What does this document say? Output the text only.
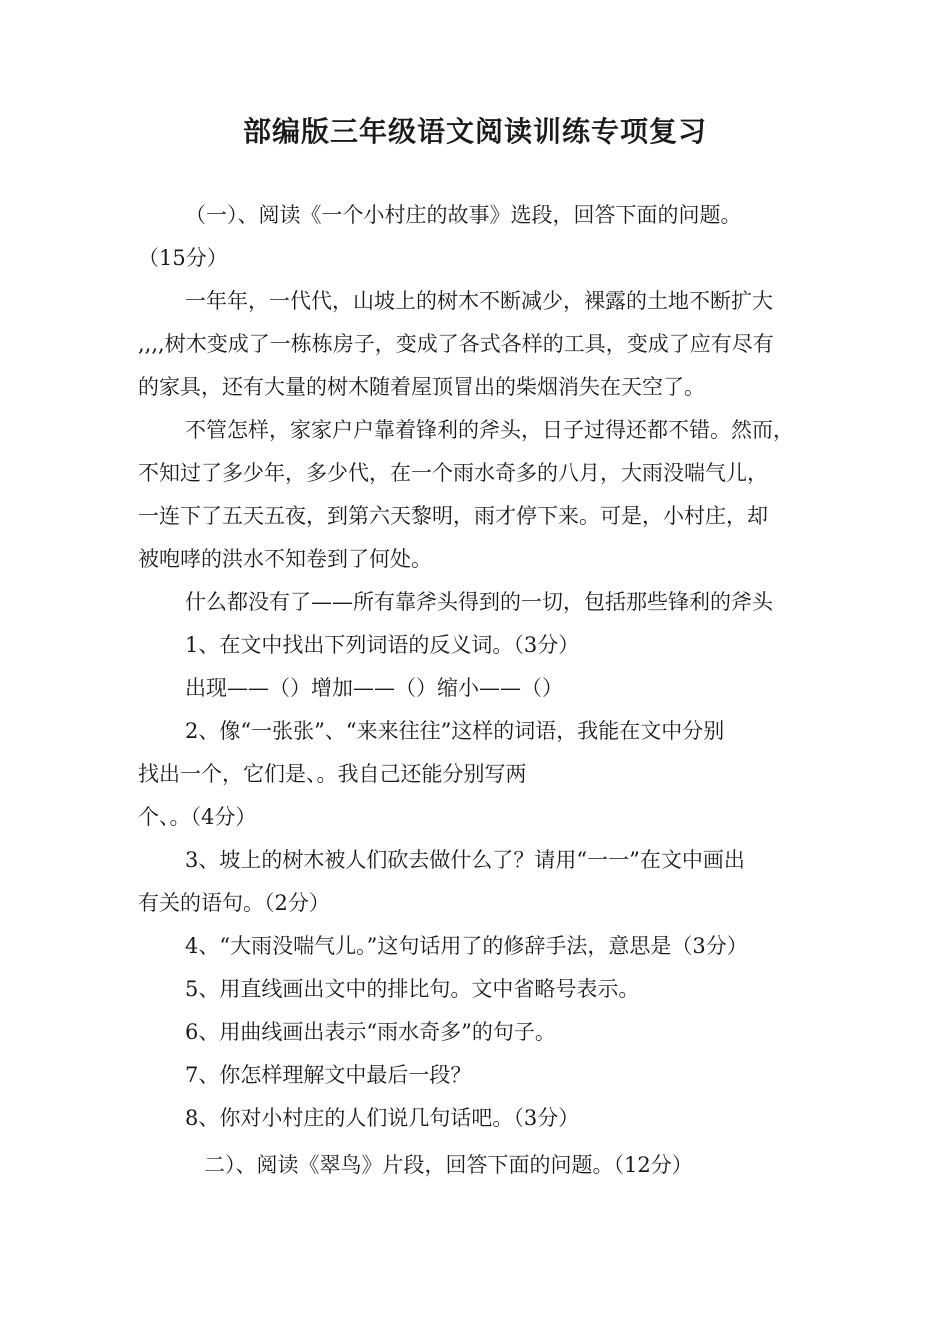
部编版三年级语文阅读训练专项复习
（一）、阅读《一个小村庄的故事》选段，回答下面的问题。
（15分）
一年年，一代代，山坡上的树木不断减少，裸露的土地不断扩大
,,,,树木变成了一栋栋房子，变成了各式各样的工具，变成了应有尽有
的家具，还有大量的树木随着屋顶冒出的柴烟消失在天空了。
不管怎样，家家户户靠着锋利的斧头，日子过得还都不错。然而，
不知过了多少年，多少代，在一个雨水奇多的八月，大雨没喘气儿，
一连下了五天五夜，到第六天黎明，雨才停下来。可是，小村庄，却
被咆哮的洪水不知卷到了何处。
什么都没有了——所有靠斧头得到的一切，包括那些锋利的斧头
1、在文中找出下列词语的反义词。（3分）
出现——（）增加——（）缩小——（）
2、像“一张张”、“来来往往”这样的词语，我能在文中分别
找出一个，它们是、。我自己还能分别写两
个、。（4分）
3、坡上的树木被人们砍去做什么了？请用“一一”在文中画出
有关的语句。（2分）
4、“大雨没喘气儿。”这句话用了的修辞手法，意思是（3分）
5、用直线画出文中的排比句。文中省略号表示。
6、用曲线画出表示“雨水奇多”的句子。
7、你怎样理解文中最后一段？
8、你对小村庄的人们说几句话吧。（3分）
二）、阅读《翠鸟》片段，回答下面的问题。（12分）
